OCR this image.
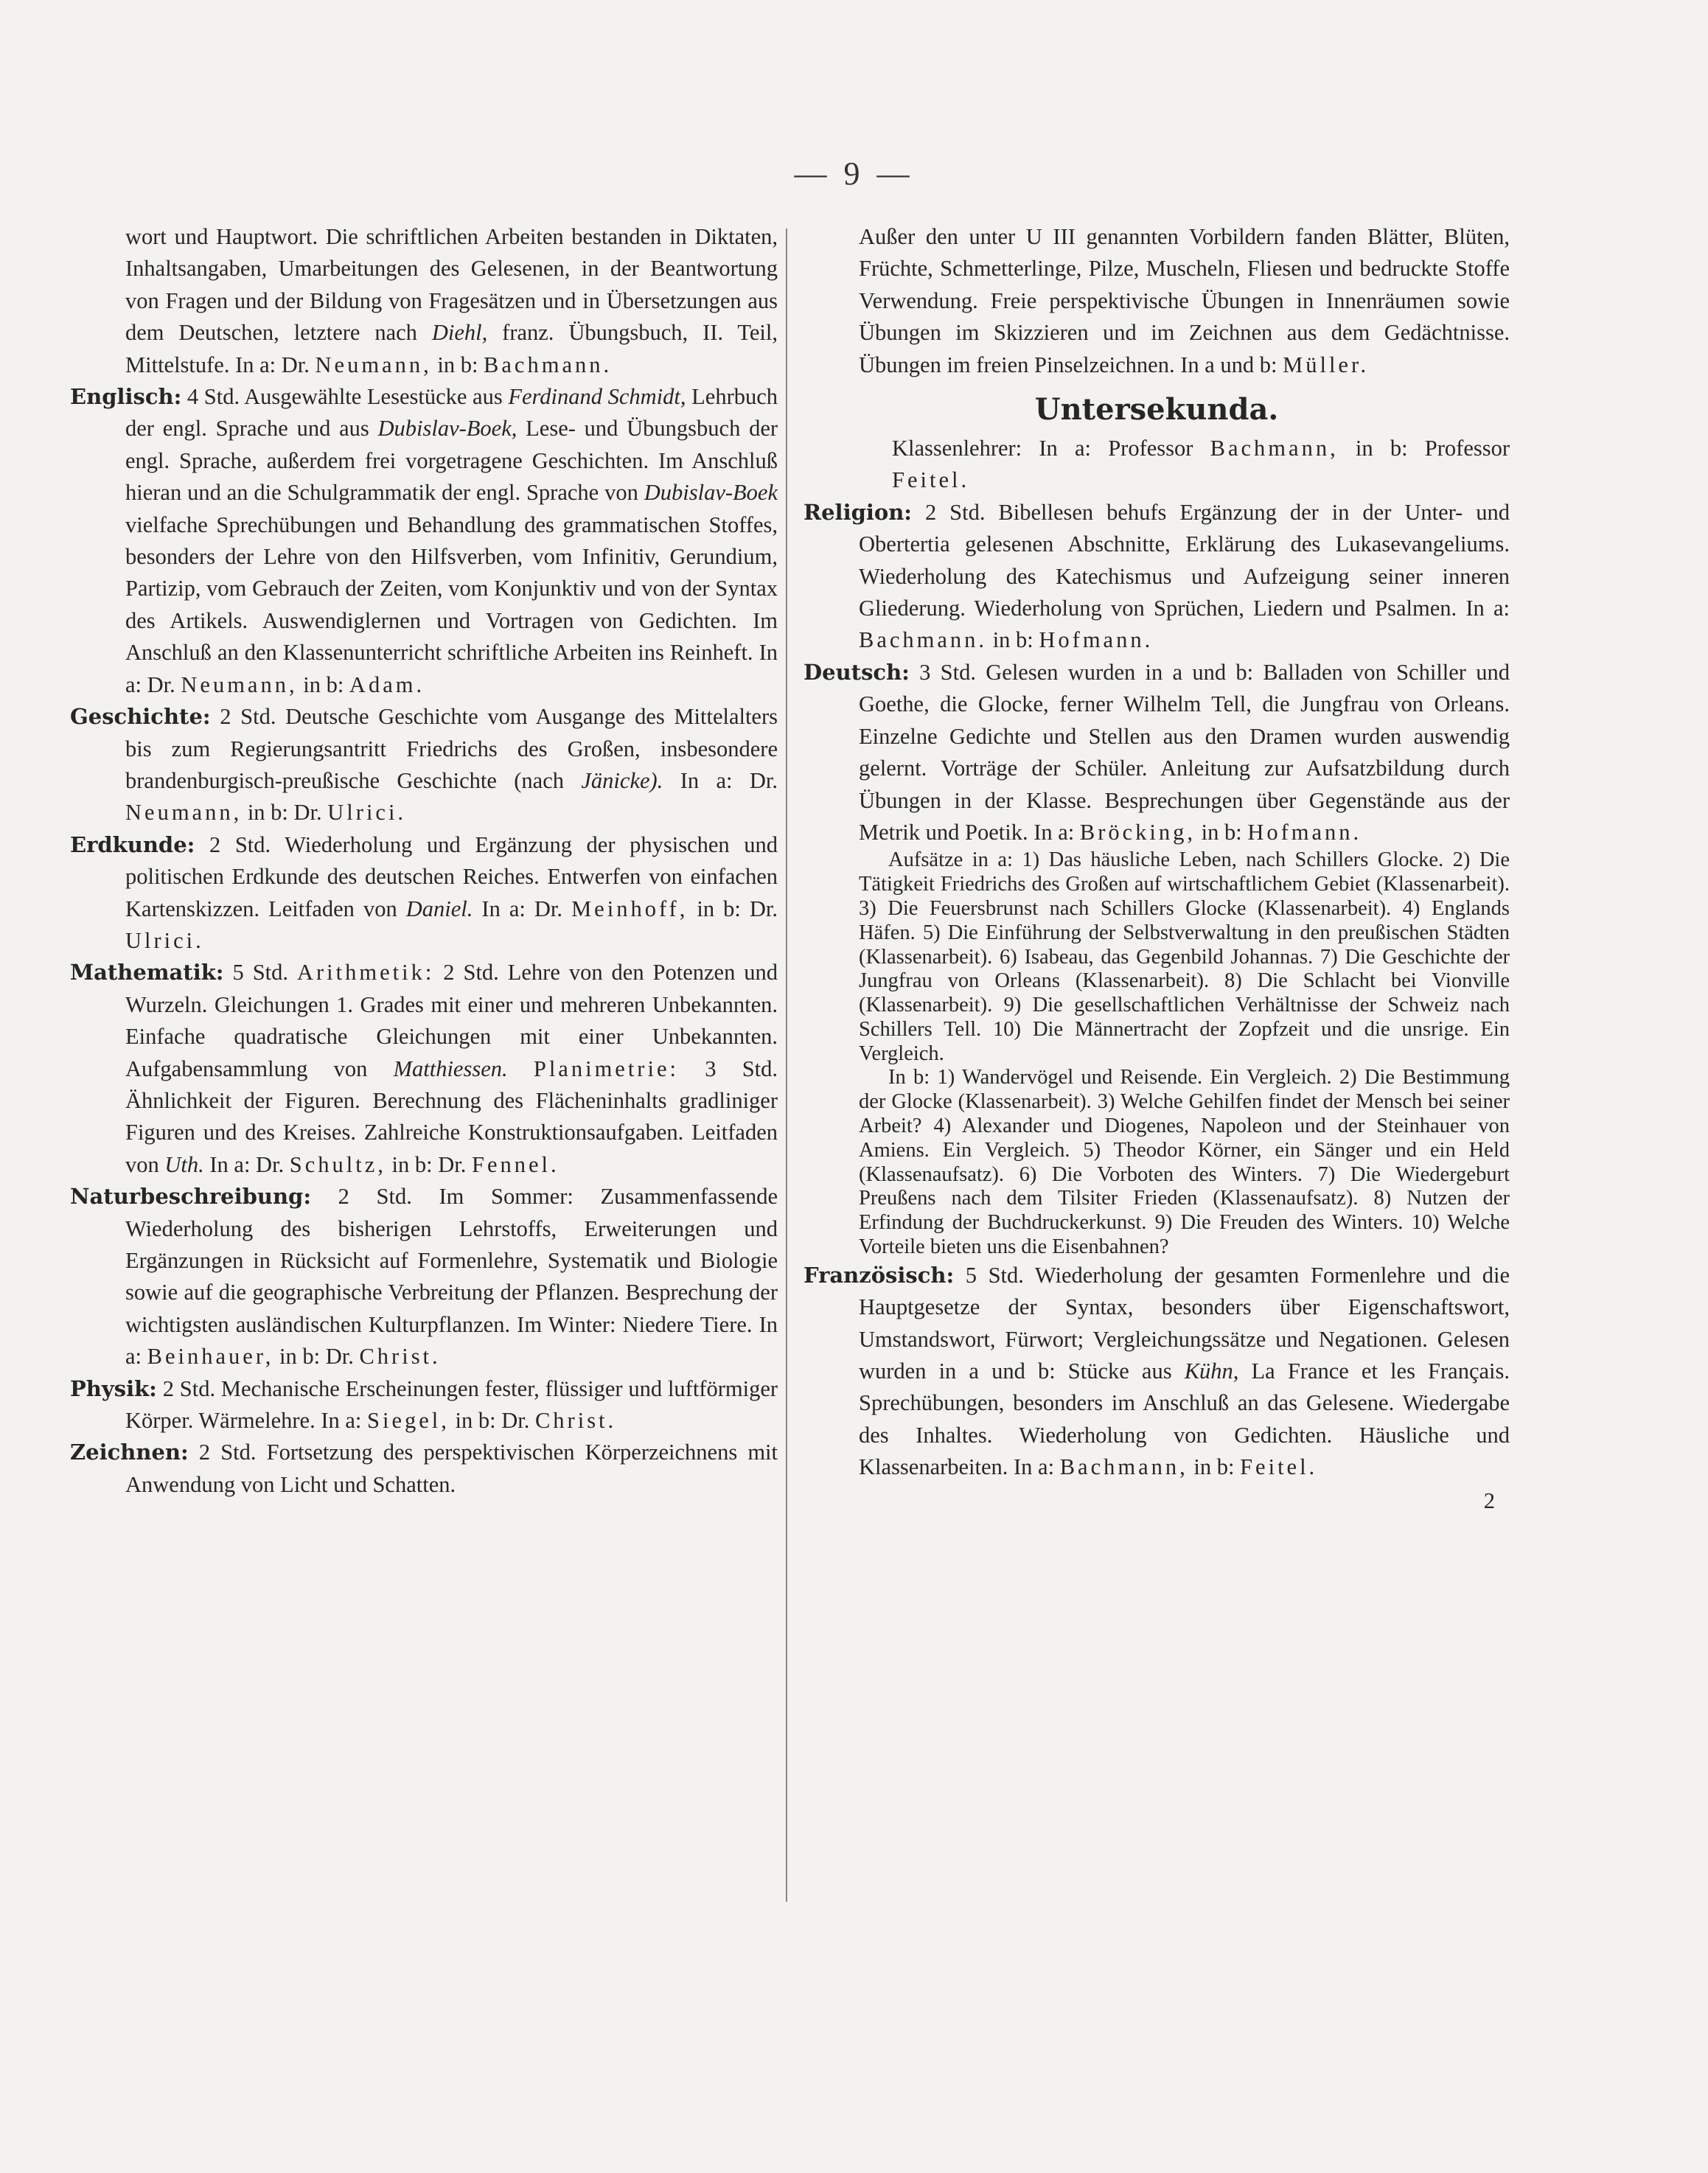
— 9 —

wort und Hauptwort. Die schriftlichen Arbeiten bestanden in Diktaten, Inhaltsangaben, Umarbeitungen des Gelesenen, in der Beantwortung von Fragen und der Bildung von Fragesätzen und in Übersetzungen aus dem Deutschen, letztere nach Diehl, franz. Übungsbuch, II. Teil, Mittelstufe. In a: Dr. Neumann, in b: Bachmann.

Englisch: 4 Std. Ausgewählte Lesestücke aus Ferdinand Schmidt, Lehrbuch der engl. Sprache und aus Dubislav-Boek, Lese- und Übungsbuch der engl. Sprache, außerdem frei vorgetragene Geschichten. Im Anschluß hieran und an die Schulgrammatik der engl. Sprache von Dubislav-Boek vielfache Sprechübungen und Behandlung des grammatischen Stoffes, besonders der Lehre von den Hilfsverben, vom Infinitiv, Gerundium, Partizip, vom Gebrauch der Zeiten, vom Konjunktiv und von der Syntax des Artikels. Auswendiglernen und Vortragen von Gedichten. Im Anschluß an den Klassenunterricht schriftliche Arbeiten ins Reinheft. In a: Dr. Neumann, in b: Adam.

Geschichte: 2 Std. Deutsche Geschichte vom Ausgange des Mittelalters bis zum Regierungsantritt Friedrichs des Großen, insbesondere brandenburgisch-preußische Geschichte (nach Jänicke). In a: Dr. Neumann, in b: Dr. Ulrici.

Erdkunde: 2 Std. Wiederholung und Ergänzung der physischen und politischen Erdkunde des deutschen Reiches. Entwerfen von einfachen Kartenskizzen. Leitfaden von Daniel. In a: Dr. Meinhoff, in b: Dr. Ulrici.

Mathematik: 5 Std. Arithmetik: 2 Std. Lehre von den Potenzen und Wurzeln. Gleichungen 1. Grades mit einer und mehreren Unbekannten. Einfache quadratische Gleichungen mit einer Unbekannten. Aufgabensammlung von Matthiessen. Planimetrie: 3 Std. Ähnlichkeit der Figuren. Berechnung des Flächeninhalts gradliniger Figuren und des Kreises. Zahlreiche Konstruktionsaufgaben. Leitfaden von Uth. In a: Dr. Schultz, in b: Dr. Fennel.

Naturbeschreibung: 2 Std. Im Sommer: Zusammenfassende Wiederholung des bisherigen Lehrstoffs, Erweiterungen und Ergänzungen in Rücksicht auf Formenlehre, Systematik und Biologie sowie auf die geographische Verbreitung der Pflanzen. Besprechung der wichtigsten ausländischen Kulturpflanzen. Im Winter: Niedere Tiere. In a: Beinhauer, in b: Dr. Christ.

Physik: 2 Std. Mechanische Erscheinungen fester, flüssiger und luftförmiger Körper. Wärmelehre. In a: Siegel, in b: Dr. Christ.

Zeichnen: 2 Std. Fortsetzung des perspektivischen Körperzeichnens mit Anwendung von Licht und Schatten.

Außer den unter U III genannten Vorbildern fanden Blätter, Blüten, Früchte, Schmetterlinge, Pilze, Muscheln, Fliesen und bedruckte Stoffe Verwendung. Freie perspektivische Übungen in Innenräumen sowie Übungen im Skizzieren und im Zeichnen aus dem Gedächtnisse. Übungen im freien Pinselzeichnen. In a und b: Müller.

Untersekunda.

Klassenlehrer: In a: Professor Bachmann, in b: Professor Feitel.

Religion: 2 Std. Bibellesen behufs Ergänzung der in der Unter- und Obertertia gelesenen Abschnitte, Erklärung des Lukasevangeliums. Wiederholung des Katechismus und Aufzeigung seiner inneren Gliederung. Wiederholung von Sprüchen, Liedern und Psalmen. In a: Bachmann. in b: Hofmann.

Deutsch: 3 Std. Gelesen wurden in a und b: Balladen von Schiller und Goethe, die Glocke, ferner Wilhelm Tell, die Jungfrau von Orleans. Einzelne Gedichte und Stellen aus den Dramen wurden auswendig gelernt. Vorträge der Schüler. Anleitung zur Aufsatzbildung durch Übungen in der Klasse. Besprechungen über Gegenstände aus der Metrik und Poetik. In a: Bröcking, in b: Hofmann.

Aufsätze in a: 1) Das häusliche Leben, nach Schillers Glocke. 2) Die Tätigkeit Friedrichs des Großen auf wirtschaftlichem Gebiet (Klassenarbeit). 3) Die Feuersbrunst nach Schillers Glocke (Klassenarbeit). 4) Englands Häfen. 5) Die Einführung der Selbstverwaltung in den preußischen Städten (Klassenarbeit). 6) Isabeau, das Gegenbild Johannas. 7) Die Geschichte der Jungfrau von Orleans (Klassenarbeit). 8) Die Schlacht bei Vionville (Klassenarbeit). 9) Die gesellschaftlichen Verhältnisse der Schweiz nach Schillers Tell. 10) Die Männertracht der Zopfzeit und die unsrige. Ein Vergleich.

In b: 1) Wandervögel und Reisende. Ein Vergleich. 2) Die Bestimmung der Glocke (Klassenarbeit). 3) Welche Gehilfen findet der Mensch bei seiner Arbeit? 4) Alexander und Diogenes, Napoleon und der Steinhauer von Amiens. Ein Vergleich. 5) Theodor Körner, ein Sänger und ein Held (Klassenaufsatz). 6) Die Vorboten des Winters. 7) Die Wiedergeburt Preußens nach dem Tilsiter Frieden (Klassenaufsatz). 8) Nutzen der Erfindung der Buchdruckerkunst. 9) Die Freuden des Winters. 10) Welche Vorteile bieten uns die Eisenbahnen?

Französisch: 5 Std. Wiederholung der gesamten Formenlehre und die Hauptgesetze der Syntax, besonders über Eigenschaftswort, Umstandswort, Fürwort; Vergleichungssätze und Negationen. Gelesen wurden in a und b: Stücke aus Kühn, La France et les Français. Sprechübungen, besonders im Anschluß an das Gelesene. Wiedergabe des Inhaltes. Wiederholung von Gedichten. Häusliche und Klassenarbeiten. In a: Bachmann, in b: Feitel.

2
